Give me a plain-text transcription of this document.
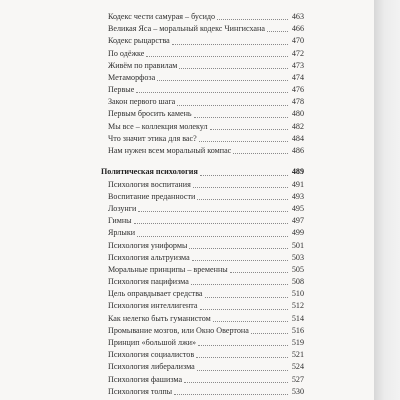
Кодекс чести самурая – бусидо	463
Великая Яса – моральный кодекс Чингисхана	466
Кодекс рыцарства	470
По одёжке	472
Живём по правилам	473
Метаморфоза	474
Первые	476
Закон первого шага	478
Первым бросить камень	480
Мы все – коллекция молекул	482
Что значит этика для вас?	484
Нам нужен всем моральный компас	486
Политическая психология	489
Психология воспитания	491
Воспитание преданности	493
Лозунги	495
Гимны	497
Ярлыки	499
Психология униформы	501
Психология альтруизма	503
Моральные принципы – временны	505
Психология пацифизма	508
Цель оправдывает средства	510
Психология интеллигента	512
Как нелегко быть гуманистом	514
Промывание мозгов, или Окно Овертона	516
Принцип «большой лжи»	519
Психология социалистов	521
Психология либерализма	524
Психология фашизма	527
Психология толпы	530
